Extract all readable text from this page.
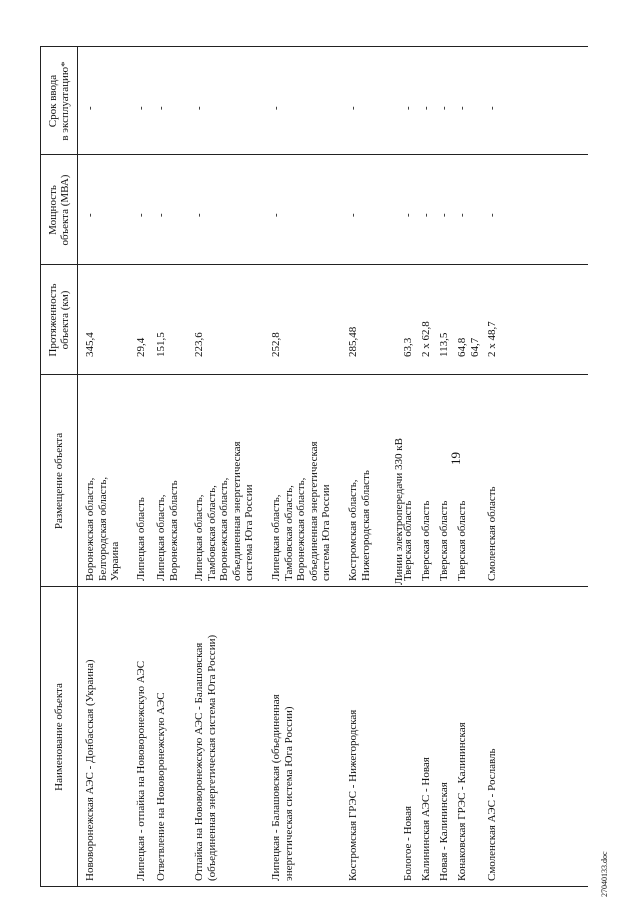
19
27040133.doc
Наименование объекта
Размещение объекта
Протяженность
объекта (км)
Мощность
объекта (МВА)
Срок ввода
в эксплуатацию*
Нововоронежская АЭС - Донбасская (Украина)
Воронежская область,
Белгородская область,
Украина
345,4
-
-
Липецкая - отпайка на Нововоронежскую АЭС
Липецкая область
29,4
-
-
Ответвление на Нововоронежскую АЭС
Липецкая область,
Воронежская область
151,5
-
-
Отпайка на Нововоронежскую АЭС - Балашовская
(объединенная энергетическая система Юга России)
Липецкая область,
Тамбовская область,
Воронежская область,
объединенная энергетическая
система Юга России
223,6
-
-
Липецкая - Балашовская (объединенная
энергетическая система Юга России)
Липецкая область,
Тамбовская область,
Воронежская область,
объединенная энергетическая
система Юга России
252,8
-
-
Костромская ГРЭС - Нижегородская
Костромская область,
Нижегородская область
285,48
-
-
Бологое - Новая
Тверская область
63,3
-
-
Калининская АЭС - Новая
Тверская область
2 х 62,8
-
-
Новая - Калининская
Тверская область
113,5
-
-
Конаковская ГРЭС - Калининская
Тверская область
64,8
64,7
-
-
Смоленская АЭС - Рославль
Смоленская область
2 х 48,7
-
-
Линии электропередачи 330 кВ
